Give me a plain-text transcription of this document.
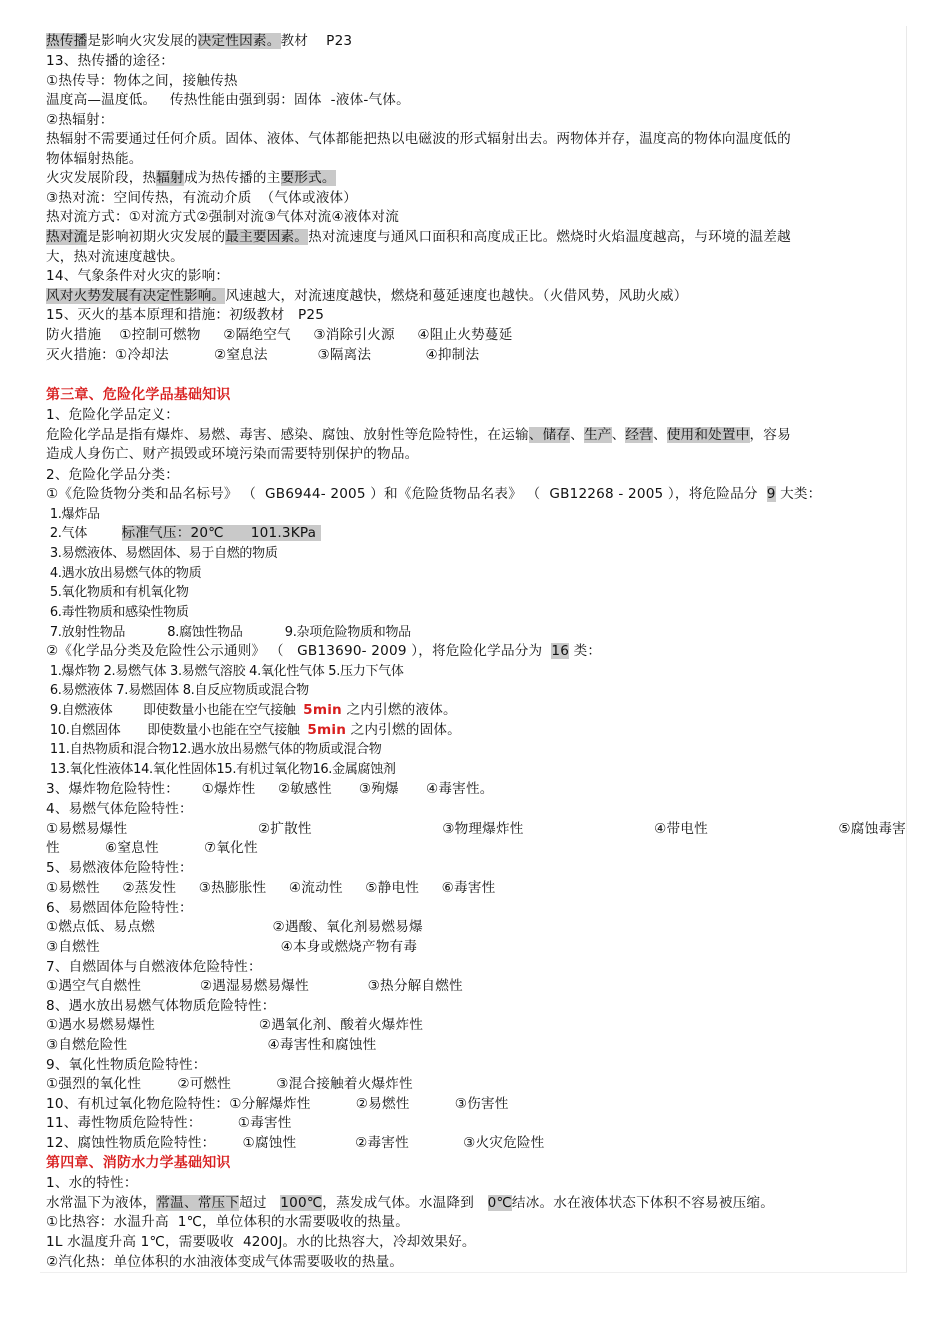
热传播是影响火灾发展的决定性因素。教材    P23
13、热传播的途径：
①热传导：物体之间，接触传热
温度高—温度低。   传热性能由强到弱：固体  -液体-气体。
②热辐射：
热辐射不需要通过任何介质。固体、液体、气体都能把热以电磁波的形式辐射出去。两物体并存，温度高的物体向温度低的
物体辐射热能。
火灾发展阶段，热辐射成为热传播的主要形式。
③热对流：空间传热，有流动介质  （气体或液体）
热对流方式：①对流方式②强制对流③气体对流④液体对流
热对流是影响初期火灾发展的最主要因素。热对流速度与通风口面积和高度成正比。燃烧时火焰温度越高，与环境的温差越
大，热对流速度越快。
14、气象条件对火灾的影响：
风对火势发展有决定性影响。风速越大，对流速度越快，燃烧和蔓延速度也越快。（火借风势，风助火威）
15、灭火的基本原理和措施：初级教材   P25
防火措施    ①控制可燃物     ②隔绝空气     ③消除引火源     ④阻止火势蔓延
灭火措施：①冷却法          ②窒息法           ③隔离法            ④抑制法
第三章、危险化学品基础知识
1、危险化学品定义：
危险化学品是指有爆炸、易燃、毒害、感染、腐蚀、放射性等危险特性，在运输、储存、生产、经营、使用和处置中，容易
造成人身伤亡、财产损毁或环境污染而需要特别保护的物品。
2、危险化学品分类：
①《危险货物分类和品名标号》 （  GB6944- 2005 ）和《危险货物品名表》 （  GB12268 - 2005 ），将危险品分  9 大类：
1.爆炸品
2.气体         标准气压：20℃      101.3KPa
3.易燃液体、易燃固体、易于自燃的物质
4.遇水放出易燃气体的物质
5.氧化物质和有机氧化物
6.毒性物质和感染性物质
7.放射性物品           8.腐蚀性物品           9.杂项危险物质和物品
②《化学品分类及危险性公示通则》 （   GB13690- 2009 ），将危险化学品分为  16 类：
1.爆炸物 2.易燃气体 3.易燃气溶胶 4.氧化性气体 5.压力下气体
6.易燃液体 7.易燃固体 8.自反应物质或混合物
9.自燃液体        即使数量小也能在空气接触  5min 之内引燃的液体。
10.自燃固体       即使数量小也能在空气接触  5min 之内引燃的固体。
11.自热物质和混合物12.遇水放出易燃气体的物质或混合物
13.氧化性液体14.氧化性固体15.有机过氧化物16.金属腐蚀剂
3、爆炸物危险特性：     ①爆炸性     ②敏感性      ③殉爆      ④毒害性。
4、易燃气体危险特性：
①易燃易爆性	②扩散性	③物理爆炸性	④带电性	⑤腐蚀毒害
性          ⑥窒息性          ⑦氧化性
5、易燃液体危险特性：
①易燃性     ②蒸发性     ③热膨胀性     ④流动性     ⑤静电性     ⑥毒害性
6、易燃固体危险特性：
①燃点低、易点燃                          ②遇酸、氧化剂易燃易爆
③自燃性                                        ④本身或燃烧产物有毒
7、自燃固体与自燃液体危险特性：
①遇空气自燃性             ②遇湿易燃易爆性             ③热分解自燃性
8、遇水放出易燃气体物质危险特性：
①遇水易燃易爆性                       ②遇氧化剂、酸着火爆炸性
③自燃危险性                               ④毒害性和腐蚀性
9、氧化性物质危险特性：
①强烈的氧化性        ②可燃性          ③混合接触着火爆炸性
10、有机过氧化物危险特性：①分解爆炸性          ②易燃性          ③伤害性
11、毒性物质危险特性：        ①毒害性
12、腐蚀性物质危险特性：      ①腐蚀性             ②毒害性            ③火灾危险性
第四章、消防水力学基础知识
1、水的特性：
水常温下为液体，常温、常压下超过   100℃，蒸发成气体。水温降到   0℃结冰。水在液体状态下体积不容易被压缩。
①比热容：水温升高  1℃，单位体积的水需要吸收的热量。
1L 水温度升高 1℃，需要吸收  4200J。水的比热容大，冷却效果好。
②汽化热：单位体积的水油液体变成气体需要吸收的热量。
